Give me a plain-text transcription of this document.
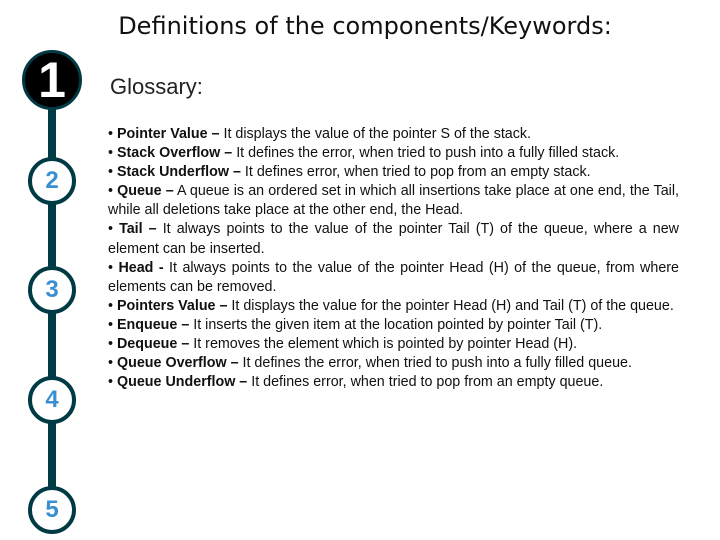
Definitions of the components/Keywords:
1
2
3
4
5
Glossary:

• Pointer Value – It displays the value of the pointer S of the stack.

• Stack Overflow – It defines the error, when tried to push into a fully filled stack.

• Stack Underflow – It defines error, when tried to pop from an empty stack.

• Queue – A queue is an ordered set in which all insertions take place at one end, the Tail, while all deletions take place at the other end, the Head.

• Tail – It always points to the value of the pointer Tail (T) of the queue, where a new element can be inserted.

• Head - It always points to the value of the pointer Head (H) of the queue, from where elements can be removed.

• Pointers Value – It displays the value for the pointer Head (H) and Tail (T) of the queue.

• Enqueue – It inserts the given item at the location pointed by pointer Tail (T).

• Dequeue – It removes the element which is pointed by pointer Head (H).

• Queue Overflow – It defines the error, when tried to push into a fully filled queue.

• Queue Underflow – It defines error, when tried to pop from an empty queue.
